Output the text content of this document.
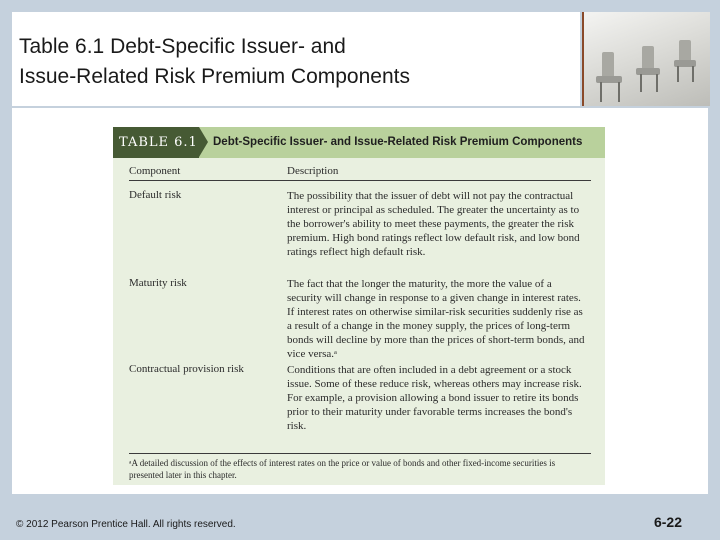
Table 6.1 Debt-Specific Issuer- and
Issue-Related Risk Premium Components
TABLE 6.1 Debt-Specific Issuer- and Issue-Related Risk Premium Components
Component	Description
Default risk	The possibility that the issuer of debt will not pay the contractual interest or principal as scheduled. The greater the uncertainty as to the borrower's ability to meet these payments, the greater the risk premium. High bond ratings reflect low default risk, and low bond ratings reflect high default risk.
Maturity risk	The fact that the longer the maturity, the more the value of a security will change in response to a given change in interest rates. If interest rates on otherwise similar-risk securities suddenly rise as a result of a change in the money supply, the prices of long-term bonds will decline by more than the prices of short-term bonds, and vice versa.ᵃ
Contractual provision risk	Conditions that are often included in a debt agreement or a stock issue. Some of these reduce risk, whereas others may increase risk. For example, a provision allowing a bond issuer to retire its bonds prior to their maturity under favorable terms increases the bond's risk.
ᵃA detailed discussion of the effects of interest rates on the price or value of bonds and other fixed-income securities is presented later in this chapter.
© 2012 Pearson Prentice Hall. All rights reserved.	6-22
